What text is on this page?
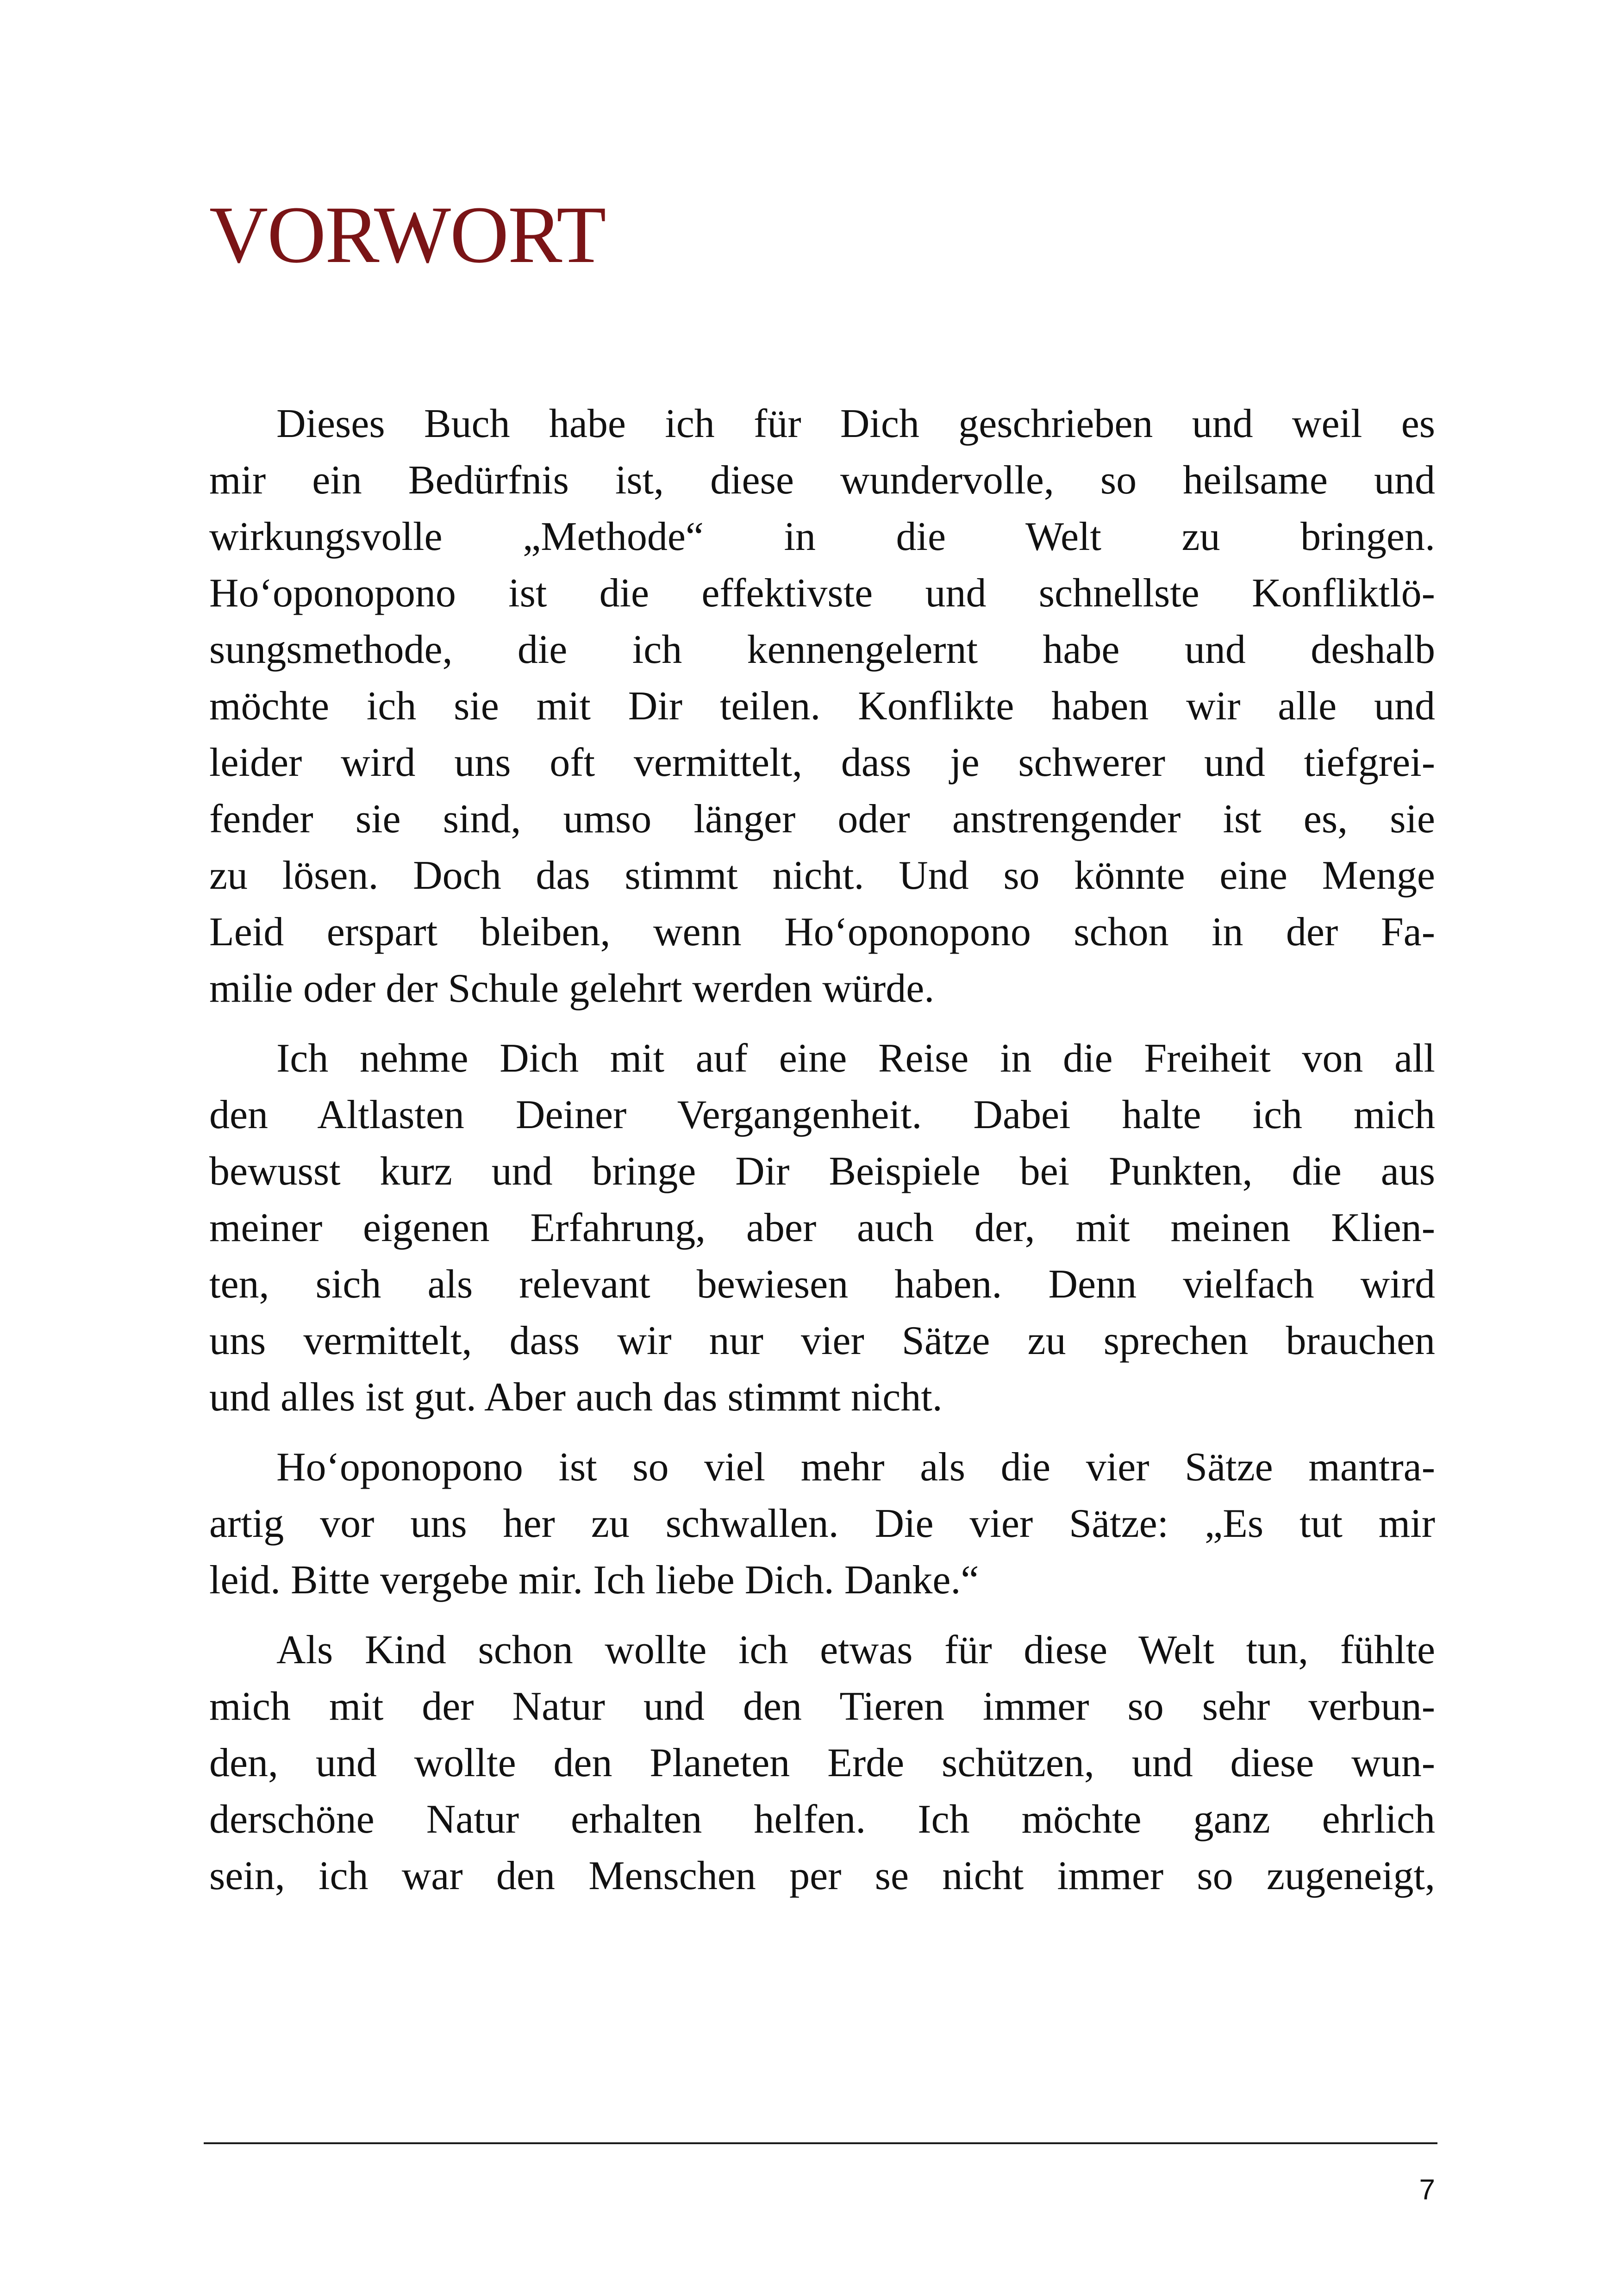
VORWORT
Dieses Buch habe ich für Dich geschrieben und weil es
mir ein Bedürfnis ist, diese wundervolle, so heilsame und
wirkungsvolle „Methode“ in die Welt zu bringen.
Ho‘oponopono ist die effektivste und schnellste Konfliktlö-
sungsmethode, die ich kennengelernt habe und deshalb
möchte ich sie mit Dir teilen. Konflikte haben wir alle und
leider wird uns oft vermittelt, dass je schwerer und tiefgrei-
fender sie sind, umso länger oder anstrengender ist es, sie
zu lösen. Doch das stimmt nicht. Und so könnte eine Menge
Leid erspart bleiben, wenn Ho‘oponopono schon in der Fa-
milie oder der Schule gelehrt werden würde.
Ich nehme Dich mit auf eine Reise in die Freiheit von all
den Altlasten Deiner Vergangenheit. Dabei halte ich mich
bewusst kurz und bringe Dir Beispiele bei Punkten, die aus
meiner eigenen Erfahrung, aber auch der, mit meinen Klien-
ten, sich als relevant bewiesen haben. Denn vielfach wird
uns vermittelt, dass wir nur vier Sätze zu sprechen brauchen
und alles ist gut. Aber auch das stimmt nicht.
Ho‘oponopono ist so viel mehr als die vier Sätze mantra-
artig vor uns her zu schwallen. Die vier Sätze: „Es tut mir
leid. Bitte vergebe mir. Ich liebe Dich. Danke.“
Als Kind schon wollte ich etwas für diese Welt tun, fühlte
mich mit der Natur und den Tieren immer so sehr verbun-
den, und wollte den Planeten Erde schützen, und diese wun-
derschöne Natur erhalten helfen. Ich möchte ganz ehrlich
sein, ich war den Menschen per se nicht immer so zugeneigt,
7
